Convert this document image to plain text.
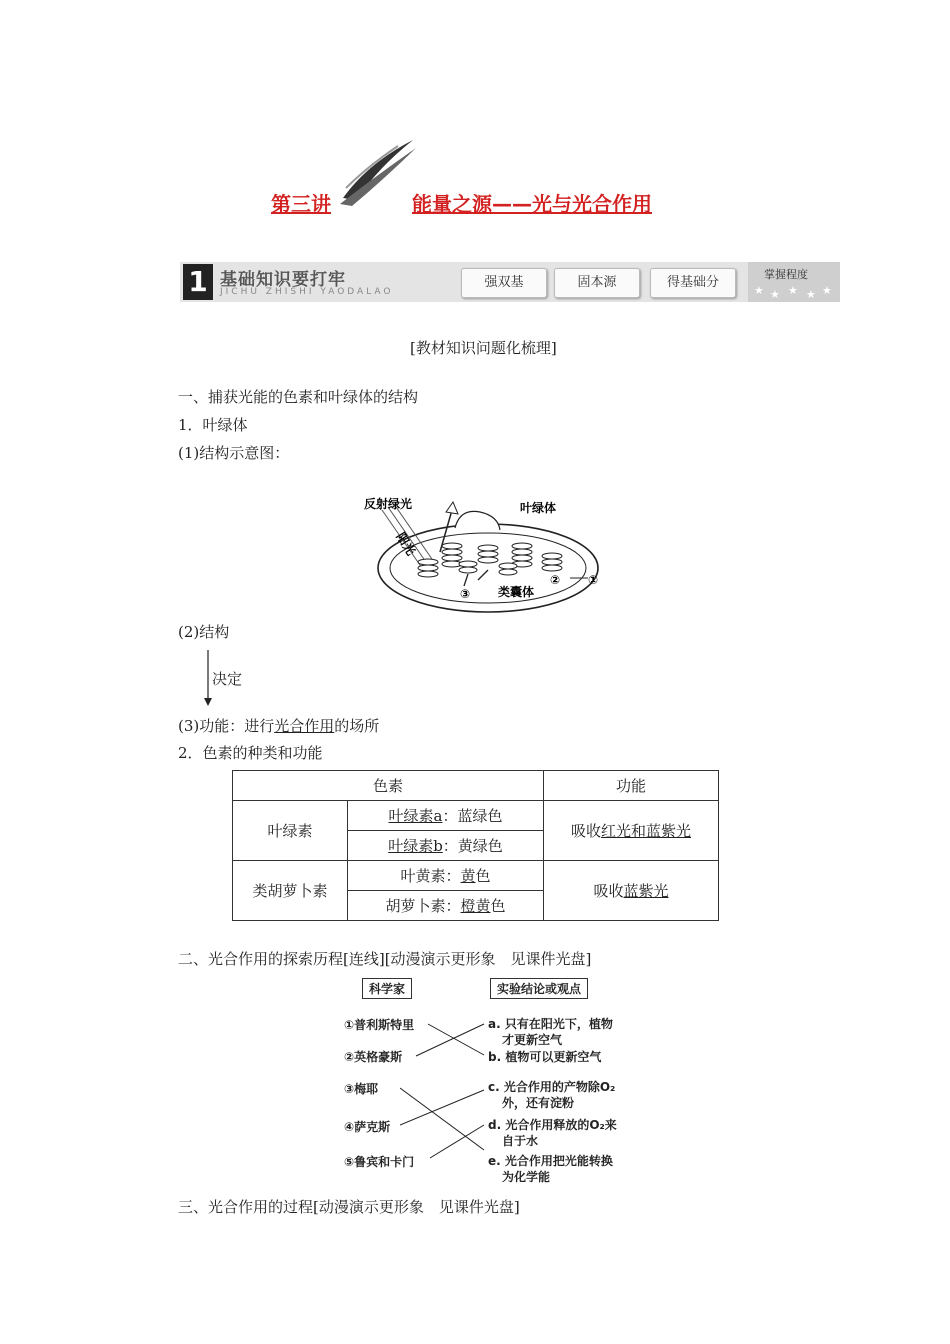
第三讲	能量之源——光与光合作用
1 基础知识要打牢
JICHU ZHISHI YAODALAO
强双基	固本源	得基础分
掌握程度
★ ★ ★ ★ ★
[教材知识问题化梳理]
一、捕获光能的色素和叶绿体的结构
1．叶绿体
(1)结构示意图：
反射绿光
阳光
叶绿体
类囊体
①
②
③
(2)结构
决定
(3)功能：进行光合作用的场所
2．色素的种类和功能
色素		功能
叶绿素	叶绿素a：蓝绿色	吸收红光和蓝紫光
	叶绿素b：黄绿色	
类胡萝卜素	叶黄素：黄色	吸收蓝紫光
	胡萝卜素：橙黄色	
二、光合作用的探索历程[连线][动漫演示更形象　见课件光盘]
科学家	实验结论或观点
①普利斯特里
②英格豪斯
③梅耶
④萨克斯
⑤鲁宾和卡门
a. 只有在阳光下，植物
才更新空气
b. 植物可以更新空气
c. 光合作用的产物除O₂
外，还有淀粉
d. 光合作用释放的O₂来
自于水
e. 光合作用把光能转换
为化学能
三、光合作用的过程[动漫演示更形象　见课件光盘]
